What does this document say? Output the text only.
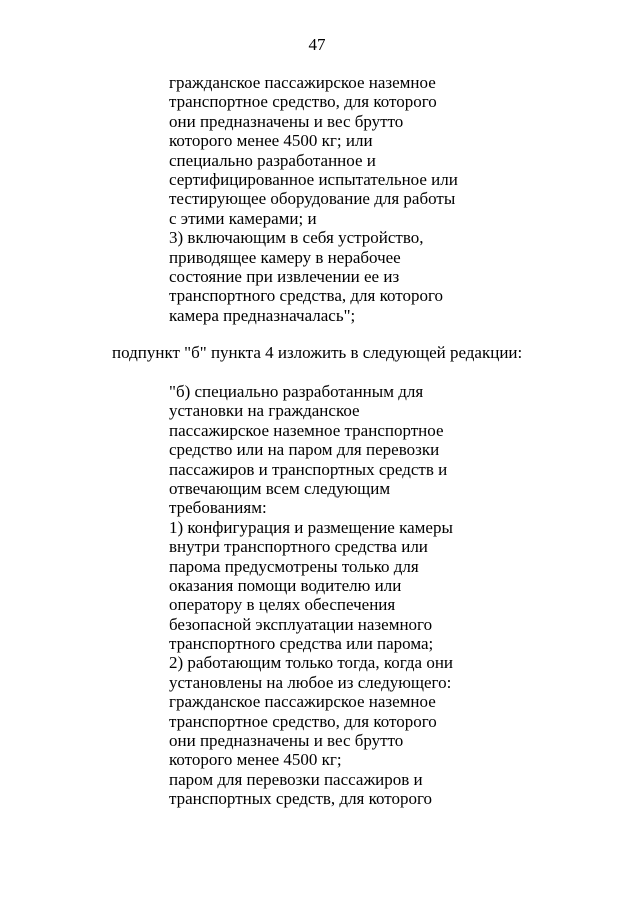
47
гражданское пассажирское наземное
транспортное средство, для которого
они предназначены и вес брутто
которого менее 4500 кг; или
специально разработанное и
сертифицированное испытательное или
тестирующее оборудование для работы
с этими камерами; и
3) включающим в себя устройство,
приводящее камеру в нерабочее
состояние при извлечении ее из
транспортного средства, для которого
камера предназначалась";
подпункт "б" пункта 4 изложить в следующей редакции:
"б) специально разработанным для
установки на гражданское
пассажирское наземное транспортное
средство или на паром для перевозки
пассажиров и транспортных средств и
отвечающим всем следующим
требованиям:
1) конфигурация и размещение камеры
внутри транспортного средства или
парома предусмотрены только для
оказания помощи водителю или
оператору в целях обеспечения
безопасной эксплуатации наземного
транспортного средства или парома;
2) работающим только тогда, когда они
установлены на любое из следующего:
гражданское пассажирское наземное
транспортное средство, для которого
они предназначены и вес брутто
которого менее 4500 кг;
паром для перевозки пассажиров и
транспортных средств, для которого
